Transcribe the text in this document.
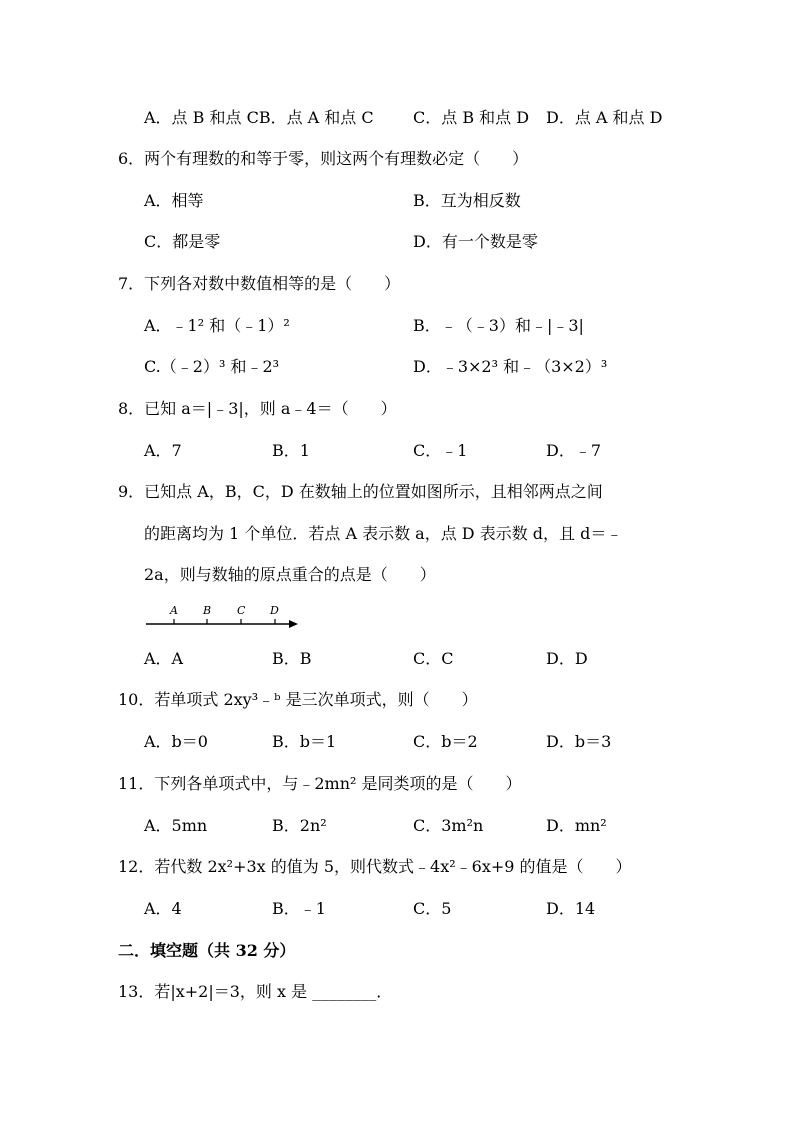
A．点 B 和点 CB．点 A 和点 C C．点 B 和点 D D．点 A 和点 D
6．两个有理数的和等于零，则这两个有理数必定（　　）
A．相等	B．互为相反数
C．都是零	D．有一个数是零
7．下列各对数中数值相等的是（　　）
A．﹣1² 和（﹣1）²	B．﹣（﹣3）和﹣|﹣3|
C.（﹣2）³ 和﹣2³	D．﹣3×2³ 和﹣（3×2）³
8．已知 a＝|﹣3|，则 a﹣4＝（　　）
A．7	B．1	C．﹣1	D．﹣7
9．已知点 A，B，C，D 在数轴上的位置如图所示，且相邻两点之间
的距离均为 1 个单位．若点 A 表示数 a，点 D 表示数 d，且 d＝﹣
2a，则与数轴的原点重合的点是（　　）
A B C D
A．A	B．B	C．C	D．D
10．若单项式 2xy³﹣ᵇ 是三次单项式，则（　　）
A．b＝0	B．b＝1	C．b＝2	D．b＝3
11．下列各单项式中，与﹣2mn² 是同类项的是（　　）
A．5mn	B．2n²	C．3m²n	D．mn²
12．若代数 2x²+3x 的值为 5，则代数式﹣4x²﹣6x+9 的值是（　　）
A．4	B．﹣1	C．5	D．14
二．填空题（共 32 分）
13．若|x+2|＝3，则 x 是 ________．
